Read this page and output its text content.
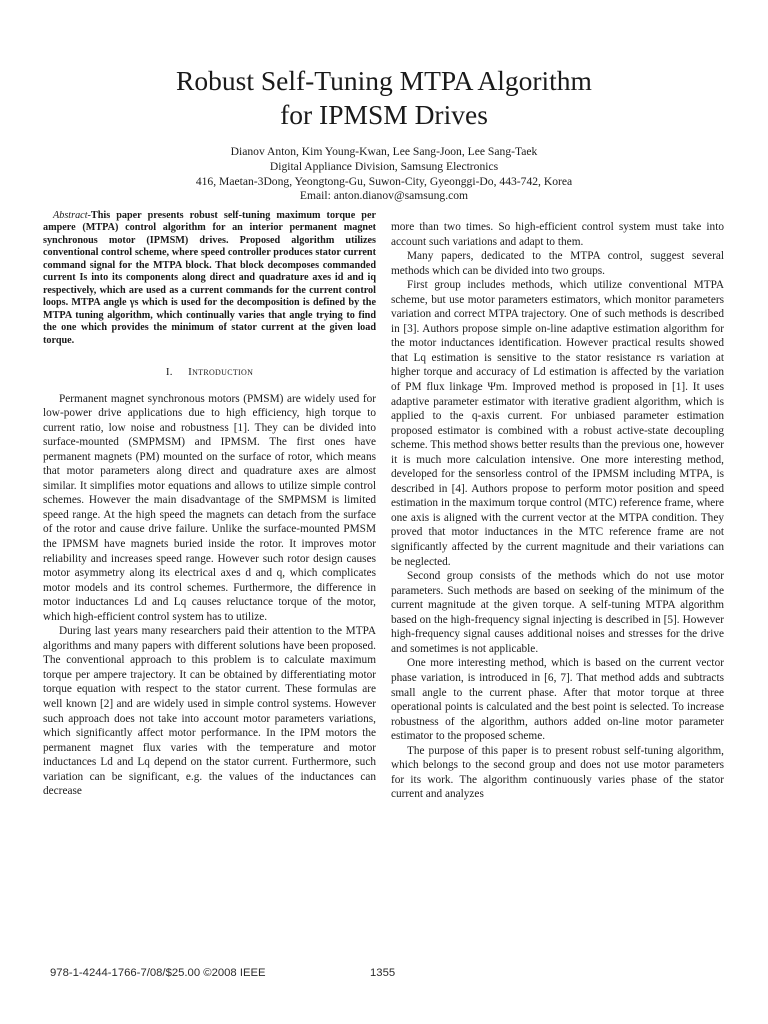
Robust Self-Tuning MTPA Algorithm
for IPMSM Drives
Dianov Anton, Kim Young-Kwan, Lee Sang-Joon, Lee Sang-Taek
Digital Appliance Division, Samsung Electronics
416, Maetan-3Dong, Yeongtong-Gu, Suwon-City, Gyeonggi-Do, 443-742, Korea
Email: anton.dianov@samsung.com

Abstract-This paper presents robust self-tuning maximum torque per ampere (MTPA) control algorithm for an interior permanent magnet synchronous motor (IPMSM) drives. Proposed algorithm utilizes conventional control scheme, where speed controller produces stator current command signal for the MTPA block. That block decomposes commanded current Is into its components along direct and quadrature axes id and iq respectively, which are used as a current commands for the current control loops. MTPA angle γs which is used for the decomposition is defined by the MTPA tuning algorithm, which continually varies that angle trying to find the one which provides the minimum of stator current at the given load torque.

I. Introduction

Permanent magnet synchronous motors (PMSM) are widely used for low-power drive applications due to high efficiency, high torque to current ratio, low noise and robustness [1]. They can be divided into surface-mounted (SMPMSM) and IPMSM. The first ones have permanent magnets (PM) mounted on the surface of rotor, which means that motor parameters along direct and quadrature axes are almost similar. It simplifies motor equations and allows to utilize simple control schemes. However the main disadvantage of the SMPMSM is limited speed range. At the high speed the magnets can detach from the surface of the rotor and cause drive failure. Unlike the surface-mounted PMSM the IPMSM have magnets buried inside the rotor. It improves motor reliability and increases speed range. However such rotor design causes motor asymmetry along its electrical axes d and q, which complicates motor models and its control schemes. Furthermore, the difference in motor inductances Ld and Lq causes reluctance torque of the motor, which high-efficient control system has to utilize.

During last years many researchers paid their attention to the MTPA algorithms and many papers with different solutions have been proposed. The conventional approach to this problem is to calculate maximum torque per ampere trajectory. It can be obtained by differentiating motor torque equation with respect to the stator current. These formulas are well known [2] and are widely used in simple control systems. However such approach does not take into account motor parameters variations, which significantly affect motor performance. In the IPM motors the permanent magnet flux varies with the temperature and motor inductances Ld and Lq depend on the stator current. Furthermore, such variation can be significant, e.g. the values of the inductances can decrease

more than two times. So high-efficient control system must take into account such variations and adapt to them.

Many papers, dedicated to the MTPA control, suggest several methods which can be divided into two groups.

First group includes methods, which utilize conventional MTPA scheme, but use motor parameters estimators, which monitor parameters variation and correct MTPA trajectory. One of such methods is described in [3]. Authors propose simple on-line adaptive estimation algorithm for the motor inductances identification. However practical results showed that Lq estimation is sensitive to the stator resistance rs variation at higher torque and accuracy of Ld estimation is affected by the variation of PM flux linkage Ψm. Improved method is proposed in [1]. It uses adaptive parameter estimator with iterative gradient algorithm, which is applied to the q-axis current. For unbiased parameter estimation proposed estimator is combined with a robust active-state decoupling scheme. This method shows better results than the previous one, however it is much more calculation intensive. One more interesting method, developed for the sensorless control of the IPMSM including MTPA, is described in [4]. Authors propose to perform motor position and speed estimation in the maximum torque control (MTC) reference frame, where one axis is aligned with the current vector at the MTPA condition. They proved that motor inductances in the MTC reference frame are not significantly affected by the current magnitude and their variations can be neglected.

Second group consists of the methods which do not use motor parameters. Such methods are based on seeking of the minimum of the current magnitude at the given torque. A self-tuning MTPA algorithm based on the high-frequency signal injecting is described in [5]. However high-frequency signal causes additional noises and stresses for the drive and sometimes is not applicable.

One more interesting method, which is based on the current vector phase variation, is introduced in [6, 7]. That method adds and subtracts small angle to the current phase. After that motor torque at three operational points is calculated and the best point is selected. To increase robustness of the algorithm, authors added on-line motor parameter estimator to the proposed scheme.

The purpose of this paper is to present robust self-tuning algorithm, which belongs to the second group and does not use motor parameters for its work. The algorithm continuously varies phase of the stator current and analyzes

978-1-4244-1766-7/08/$25.00 ©2008 IEEE	1355
